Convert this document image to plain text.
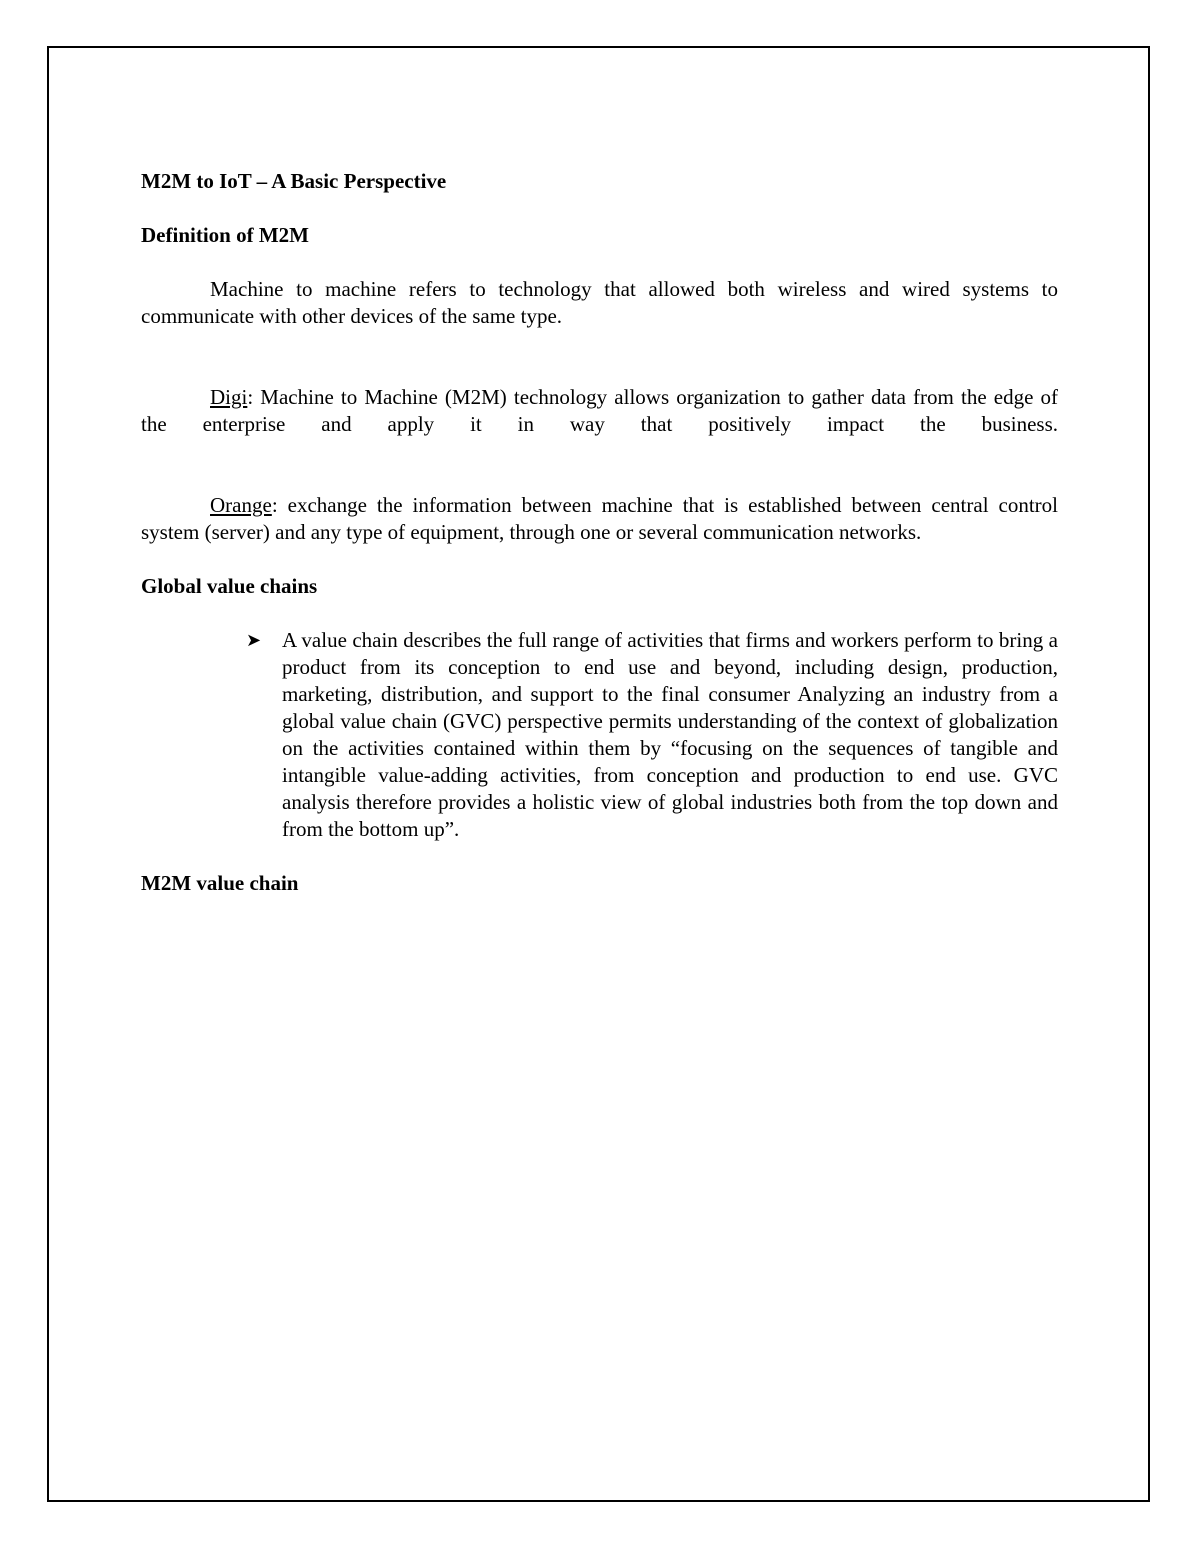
M2M to IoT – A Basic Perspective

Definition of M2M

Machine to machine refers to technology that allowed both wireless and wired systems to communicate with other devices of the same type.

Digi: Machine to Machine (M2M) technology allows organization to gather data from the edge of the enterprise and apply it in way that positively impact the business.

Orange: exchange the information between machine that is established between central control system (server) and any type of equipment, through one or several communication networks.

Global value chains

➤ A value chain describes the full range of activities that firms and workers perform to bring a product from its conception to end use and beyond, including design, production, marketing, distribution, and support to the final consumer Analyzing an industry from a global value chain (GVC) perspective permits understanding of the context of globalization on the activities contained within them by “focusing on the sequences of tangible and intangible value-adding activities, from conception and production to end use. GVC analysis therefore provides a holistic view of global industries both from the top down and from the bottom up”.

M2M value chain
